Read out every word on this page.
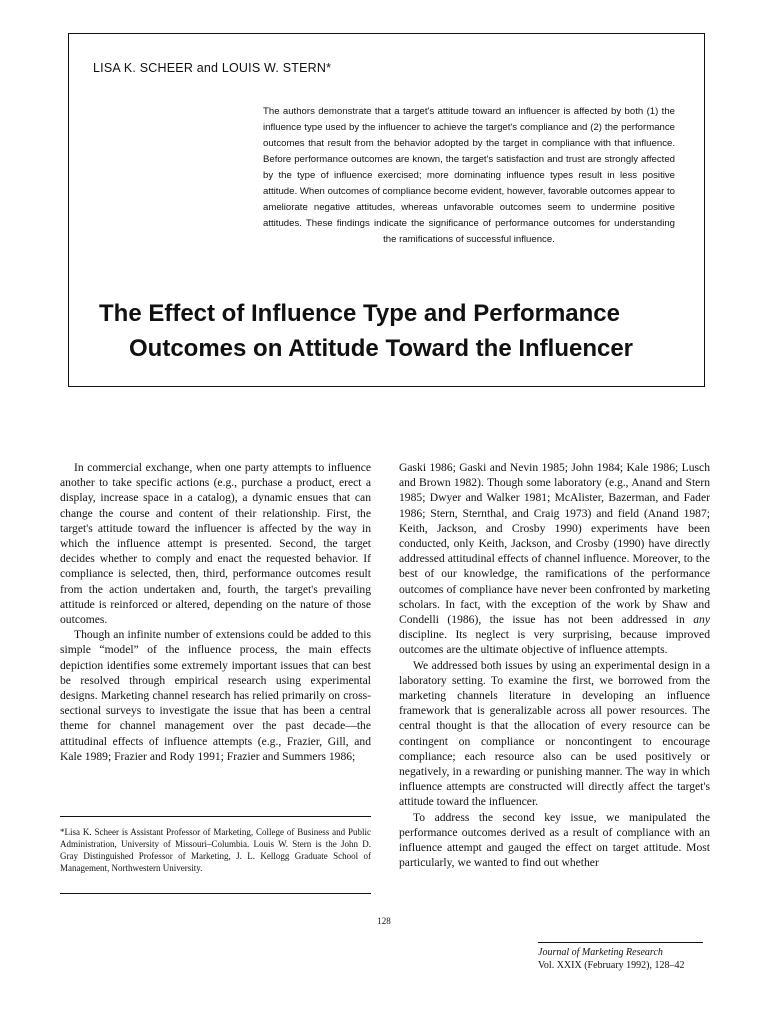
LISA K. SCHEER and LOUIS W. STERN*

The authors demonstrate that a target's attitude toward an influencer is affected by both (1) the influence type used by the influencer to achieve the target's compliance and (2) the performance outcomes that result from the behavior adopted by the target in compliance with that influence. Before performance outcomes are known, the target's satisfaction and trust are strongly affected by the type of influence exercised; more dominating influence types result in less positive attitude. When outcomes of compliance become evident, however, favorable outcomes appear to ameliorate negative attitudes, whereas unfavorable outcomes seem to undermine positive attitudes. These findings indicate the significance of performance outcomes for understanding the ramifications of successful influence.

The Effect of Influence Type and Performance
Outcomes on Attitude Toward the Influencer

In commercial exchange, when one party attempts to influence another to take specific actions (e.g., purchase a product, erect a display, increase space in a catalog), a dynamic ensues that can change the course and content of their relationship. First, the target's attitude toward the influencer is affected by the way in which the influence attempt is presented. Second, the target decides whether to comply and enact the requested behavior. If compliance is selected, then, third, performance outcomes result from the action undertaken and, fourth, the target's prevailing attitude is reinforced or altered, depending on the nature of those outcomes.

Though an infinite number of extensions could be added to this simple “model” of the influence process, the main effects depiction identifies some extremely important issues that can best be resolved through empirical research using experimental designs. Marketing channel research has relied primarily on cross-sectional surveys to investigate the issue that has been a central theme for channel management over the past decade—the attitudinal effects of influence attempts (e.g., Frazier, Gill, and Kale 1989; Frazier and Rody 1991; Frazier and Summers 1986;

Gaski 1986; Gaski and Nevin 1985; John 1984; Kale 1986; Lusch and Brown 1982). Though some laboratory (e.g., Anand and Stern 1985; Dwyer and Walker 1981; McAlister, Bazerman, and Fader 1986; Stern, Sternthal, and Craig 1973) and field (Anand 1987; Keith, Jackson, and Crosby 1990) experiments have been conducted, only Keith, Jackson, and Crosby (1990) have directly addressed attitudinal effects of channel influence. Moreover, to the best of our knowledge, the ramifications of the performance outcomes of compliance have never been confronted by marketing scholars. In fact, with the exception of the work by Shaw and Condelli (1986), the issue has not been addressed in any discipline. Its neglect is very surprising, because improved outcomes are the ultimate objective of influence attempts.

We addressed both issues by using an experimental design in a laboratory setting. To examine the first, we borrowed from the marketing channels literature in developing an influence framework that is generalizable across all power resources. The central thought is that the allocation of every resource can be contingent on compliance or noncontingent to encourage compliance; each resource also can be used positively or negatively, in a rewarding or punishing manner. The way in which influence attempts are constructed will directly affect the target's attitude toward the influencer.

To address the second key issue, we manipulated the performance outcomes derived as a result of compliance with an influence attempt and gauged the effect on target attitude. Most particularly, we wanted to find out whether

*Lisa K. Scheer is Assistant Professor of Marketing, College of Business and Public Administration, University of Missouri–Columbia. Louis W. Stern is the John D. Gray Distinguished Professor of Marketing, J. L. Kellogg Graduate School of Management, Northwestern University.

128
Journal of Marketing Research
Vol. XXIX (February 1992), 128–42
